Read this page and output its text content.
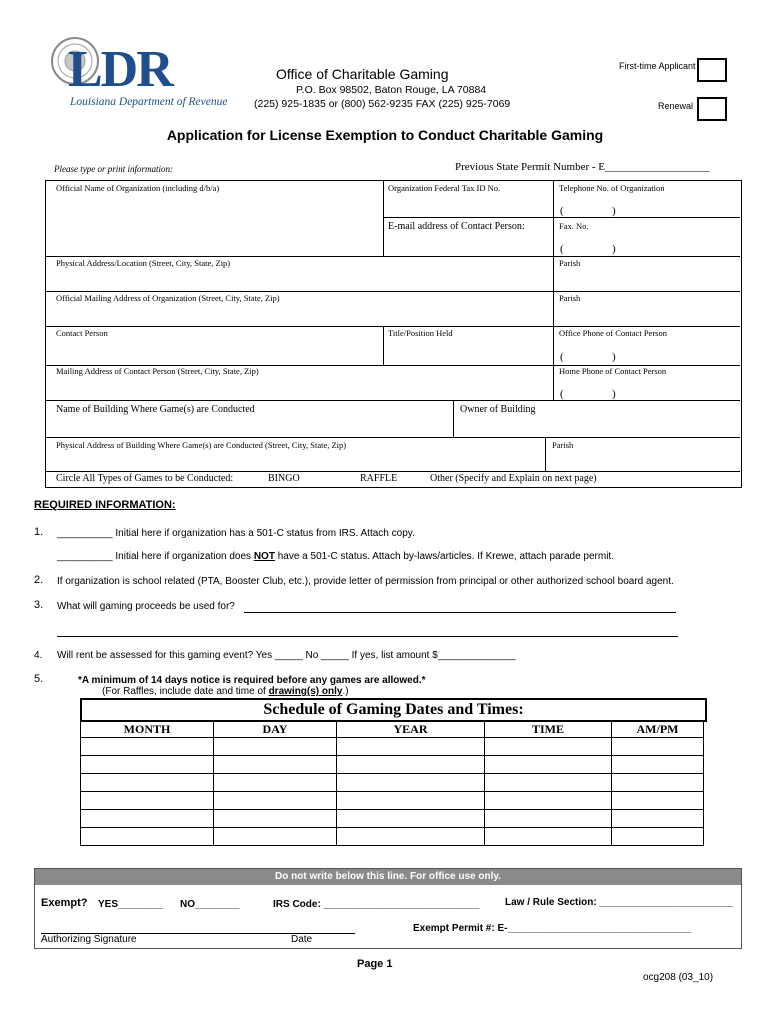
LDR
Louisiana Department of Revenue
Office of Charitable Gaming
P.O. Box 98502, Baton Rouge, LA 70884
(225) 925-1835 or (800) 562-9235 FAX (225) 925-7069
First-time Applicant
Renewal
Application for License Exemption to Conduct Charitable Gaming
Please type or print information:	Previous State Permit Number - E___________________
Official Name of Organization (including d/b/a)	Organization Federal Tax ID No.	Telephone No. of Organization
(	)
E-mail address of Contact Person:	Fax. No.
(	)
Physical Address/Location (Street, City, State, Zip)	Parish
Official Mailing Address of Organization (Street, City, State, Zip)	Parish
Contact Person	Title/Position Held	Office Phone of Contact Person
(	)
Mailing Address of Contact Person (Street, City, State, Zip)	Home Phone of Contact Person
(	)
Name of Building Where Game(s) are Conducted	Owner of Building
Physical Address of Building Where Game(s) are Conducted (Street, City, State, Zip)	Parish
Circle All Types of Games to be Conducted:	BINGO	RAFFLE	Other (Specify and Explain on next page)
REQUIRED INFORMATION:
1. __________ Initial here if organization has a 501-C status from IRS. Attach copy.
__________ Initial here if organization does NOT have a 501-C status. Attach by-laws/articles. If Krewe, attach parade permit.
2. If organization is school related (PTA, Booster Club, etc.), provide letter of permission from principal or other authorized school board agent.
3. What will gaming proceeds be used for?
4. Will rent be assessed for this gaming event? Yes _____ No _____ If yes, list amount $______________
5.	*A minimum of 14 days notice is required before any games are allowed.*
(For Raffles, include date and time of drawing(s) only.)
Schedule of Gaming Dates and Times:
MONTH	DAY	YEAR	TIME	AM/PM

Do not write below this line. For office use only.
Exempt? YES________ NO________	IRS Code: ____________________________	Law / Rule Section: ________________________
Exempt Permit #: E-_________________________________
Authorizing Signature	Date
Page 1
ocg208 (03_10)
